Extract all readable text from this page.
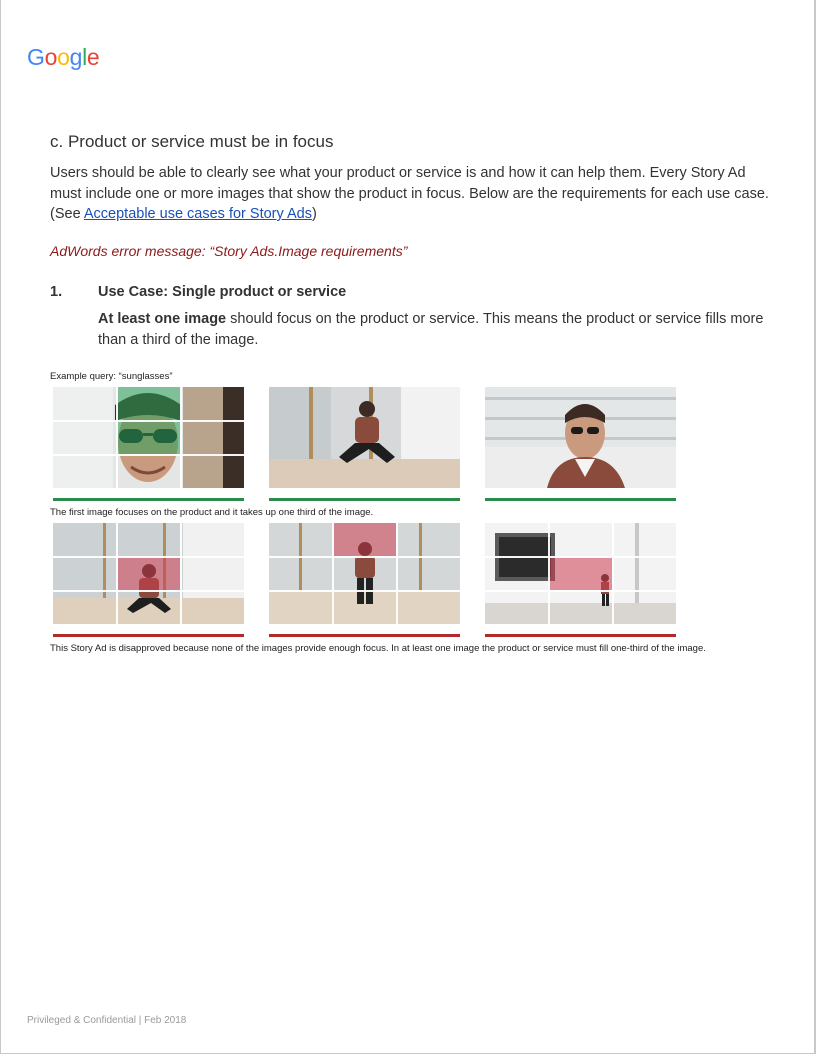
Google
c. Product or service must be in focus
Users should be able to clearly see what your product or service is and how it can help them. Every Story Ad must include one or more images that show the product in focus. Below are the requirements for each use case. (See Acceptable use cases for Story Ads)
AdWords error message: “Story Ads.Image requirements”
1. Use Case: Single product or service
At least one image should focus on the product or service. This means the product or service fills more than a third of the image.
Example query: “sunglasses”
The first image focuses on the product and it takes up one third of the image.
This Story Ad is disapproved because none of the images provide enough focus. In at least one image the product or service must fill one-third of the image.
Privileged & Confidential | Feb 2018
